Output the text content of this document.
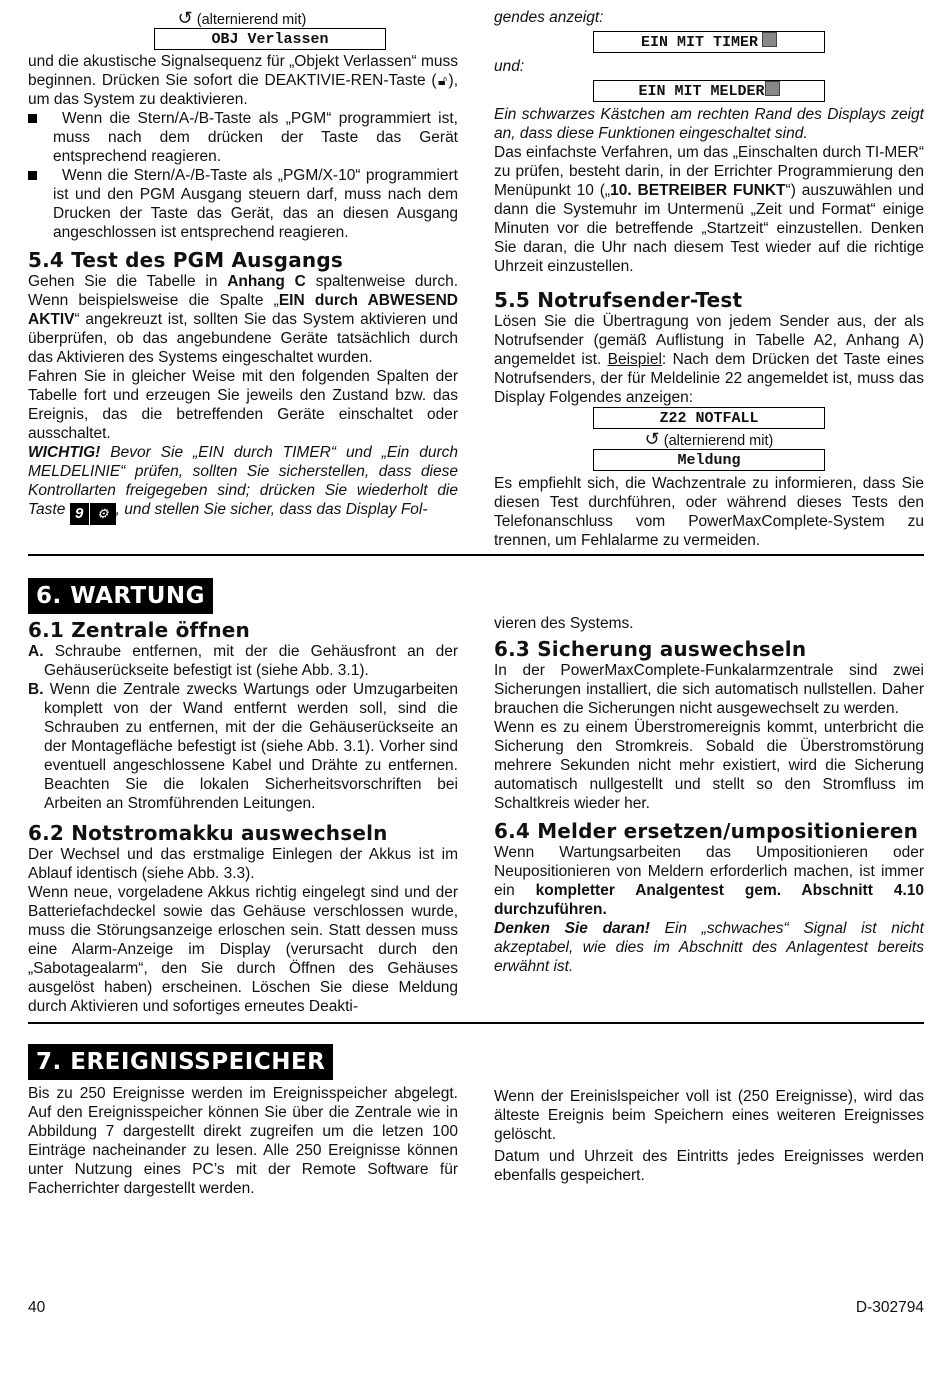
↺ (alternierend mit)
OBJ Verlassen

und die akustische Signalsequenz für „Objekt Verlassen“ muss beginnen. Drücken Sie sofort die DEAKTIVIE-REN-Taste (🔓︎), um das System zu deaktivieren.

Wenn die Stern/A-/B-Taste als „PGM“ programmiert ist, muss nach dem drücken der Taste das Gerät entsprechend reagieren.

Wenn die Stern/A-/B-Taste als „PGM/X-10“ programmiert ist und den PGM Ausgang steuern darf, muss nach dem Drucken der Taste das Gerät, das an diesen Ausgang angeschlossen ist entsprechend reagieren.

5.4 Test des PGM Ausgangs

Gehen Sie die Tabelle in Anhang C spaltenweise durch. Wenn beispielsweise die Spalte „EIN durch ABWESEND AKTIV“ angekreuzt ist, sollten Sie das System aktivieren und überprüfen, ob das angebundene Geräte tatsächlich durch das Aktivieren des Systems eingeschaltet wurden.

Fahren Sie in gleicher Weise mit den folgenden Spalten der Tabelle fort und erzeugen Sie jeweils den Zustand bzw. das Ereignis, das die betreffenden Geräte einschaltet oder ausschaltet.

WICHTIG! Bevor Sie „EIN durch TIMER“ und „Ein durch MELDELINIE“ prüfen, sollten Sie sicherstellen, dass diese Kontrollarten freigegeben sind; drücken Sie wiederholt die Taste 9 ⚙ , und stellen Sie sicher, dass das Display Fol-

gendes anzeigt:

EIN MIT TIMER

und:

EIN MIT MELDER

Ein schwarzes Kästchen am rechten Rand des Displays zeigt an, dass diese Funktionen eingeschaltet sind.

Das einfachste Verfahren, um das „Einschalten durch TI-MER“ zu prüfen, besteht darin, in der Errichter Programmierung den Menüpunkt 10 („10. BETREIBER FUNKT“) auszuwählen und dann die Systemuhr im Untermenü „Zeit und Format“ einige Minuten vor die betreffende „Startzeit“ einzustellen. Denken Sie daran, die Uhr nach diesem Test wieder auf die richtige Uhrzeit einzustellen.

5.5 Notrufsender-Test

Lösen Sie die Übertragung von jedem Sender aus, der als Notrufsender (gemäß Auflistung in Tabelle A2, Anhang A) angemeldet ist. Beispiel: Nach dem Drücken det Taste eines Notrufsenders, der für Meldelinie 22 angemeldet ist, muss das Display Folgendes anzeigen:

Z22 NOTFALL
↺ (alternierend mit)
Meldung

Es empfiehlt sich, die Wachzentrale zu informieren, dass Sie diesen Test durchführen, oder während dieses Tests den Telefonanschluss vom PowerMaxComplete-System zu trennen, um Fehlalarme zu vermeiden.

6. WARTUNG
6.1 Zentrale öffnen

A. Schraube entfernen, mit der die Gehäusfront an der Gehäuserückseite befestigt ist (siehe Abb. 3.1).

B. Wenn die Zentrale zwecks Wartungs oder Umzugarbeiten komplett von der Wand entfernt werden soll, sind die Schrauben zu entfernen, mit der die Gehäuserückseite an der Montagefläche befestigt ist (siehe Abb. 3.1). Vorher sind eventuell angeschlossene Kabel und Drähte zu entfernen. Beachten Sie die lokalen Sicherheitsvorschriften bei Arbeiten an Stromführenden Leitungen.

6.2 Notstromakku auswechseln

Der Wechsel und das erstmalige Einlegen der Akkus ist im Ablauf identisch (siehe Abb. 3.3).

Wenn neue, vorgeladene Akkus richtig eingelegt sind und der Batteriefachdeckel sowie das Gehäuse verschlossen wurde, muss die Störungsanzeige erloschen sein. Statt dessen muss eine Alarm-Anzeige im Display (verursacht durch den „Sabotagealarm“, den Sie durch Öffnen des Gehäuses ausgelöst haben) erscheinen. Löschen Sie diese Meldung durch Aktivieren und sofortiges erneutes Deakti-

vieren des Systems.

6.3 Sicherung auswechseln

In der PowerMaxComplete-Funkalarmzentrale sind zwei Sicherungen installiert, die sich automatisch nullstellen. Daher brauchen die Sicherungen nicht ausgewechselt zu werden.

Wenn es zu einem Überstromereignis kommt, unterbricht die Sicherung den Stromkreis. Sobald die Überstromstörung mehrere Sekunden nicht mehr existiert, wird die Sicherung automatisch nullgestellt und stellt so den Stromfluss im Schaltkreis wieder her.

6.4 Melder ersetzen/umpositionieren

Wenn Wartungsarbeiten das Umpositionieren oder Neupositionieren von Meldern erforderlich machen, ist immer ein kompletter Analgentest gem. Abschnitt 4.10 durchzuführen.

Denken Sie daran! Ein „schwaches“ Signal ist nicht akzeptabel, wie dies im Abschnitt des Anlagentest bereits erwähnt ist.

7. EREIGNISSPEICHER

Bis zu 250 Ereignisse werden im Ereignisspeicher abgelegt. Auf den Ereignisspeicher können Sie über die Zentrale wie in Abbildung 7 dargestellt direkt zugreifen um die letzen 100 Einträge nacheinander zu lesen. Alle 250 Ereignisse können unter Nutzung eines PC’s mit der Remote Software für Facherrichter dargestellt werden.

Wenn der Ereinislspeicher voll ist (250 Ereignisse), wird das älteste Ereignis beim Speichern eines weiteren Ereignisses gelöscht.

Datum und Uhrzeit des Eintritts jedes Ereignisses werden ebenfalls gespeichert.

40	D-302794
